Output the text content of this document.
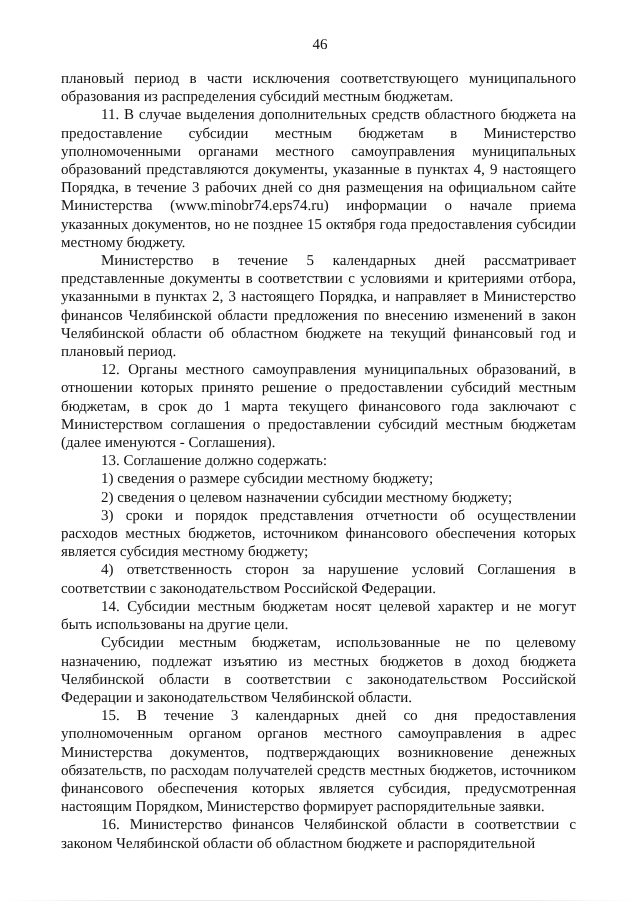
46

плановый период в части исключения соответствующего муниципального образования из распределения субсидий местным бюджетам.

11. В случае выделения дополнительных средств областного бюджета на предоставление субсидии местным бюджетам в Министерство уполномоченными органами местного самоуправления муниципальных образований представляются документы, указанные в пунктах 4, 9 настоящего Порядка, в течение 3 рабочих дней со дня размещения на официальном сайте Министерства (www.minobr74.eps74.ru) информации о начале приема указанных документов, но не позднее 15 октября года предоставления субсидии местному бюджету.

Министерство в течение 5 календарных дней рассматривает представленные документы в соответствии с условиями и критериями отбора, указанными в пунктах 2, 3 настоящего Порядка, и направляет в Министерство финансов Челябинской области предложения по внесению изменений в закон Челябинской области об областном бюджете на текущий финансовый год и плановый период.

12. Органы местного самоуправления муниципальных образований, в отношении которых принято решение о предоставлении субсидий местным бюджетам, в срок до 1 марта текущего финансового года заключают с Министерством соглашения о предоставлении субсидий местным бюджетам (далее именуются - Соглашения).

13. Соглашение должно содержать:

1) сведения о размере субсидии местному бюджету;

2) сведения о целевом назначении субсидии местному бюджету;

3) сроки и порядок представления отчетности об осуществлении расходов местных бюджетов, источником финансового обеспечения которых является субсидия местному бюджету;

4) ответственность сторон за нарушение условий Соглашения в соответствии с законодательством Российской Федерации.

14. Субсидии местным бюджетам носят целевой характер и не могут быть использованы на другие цели.

Субсидии местным бюджетам, использованные не по целевому назначению, подлежат изъятию из местных бюджетов в доход бюджета Челябинской области в соответствии с законодательством Российской Федерации и законодательством Челябинской области.

15. В течение 3 календарных дней со дня предоставления уполномоченным органом органов местного самоуправления в адрес Министерства документов, подтверждающих возникновение денежных обязательств, по расходам получателей средств местных бюджетов, источником финансового обеспечения которых является субсидия, предусмотренная настоящим Порядком, Министерство формирует распорядительные заявки.

16. Министерство финансов Челябинской области в соответствии с законом Челябинской области об областном бюджете и распорядительной
